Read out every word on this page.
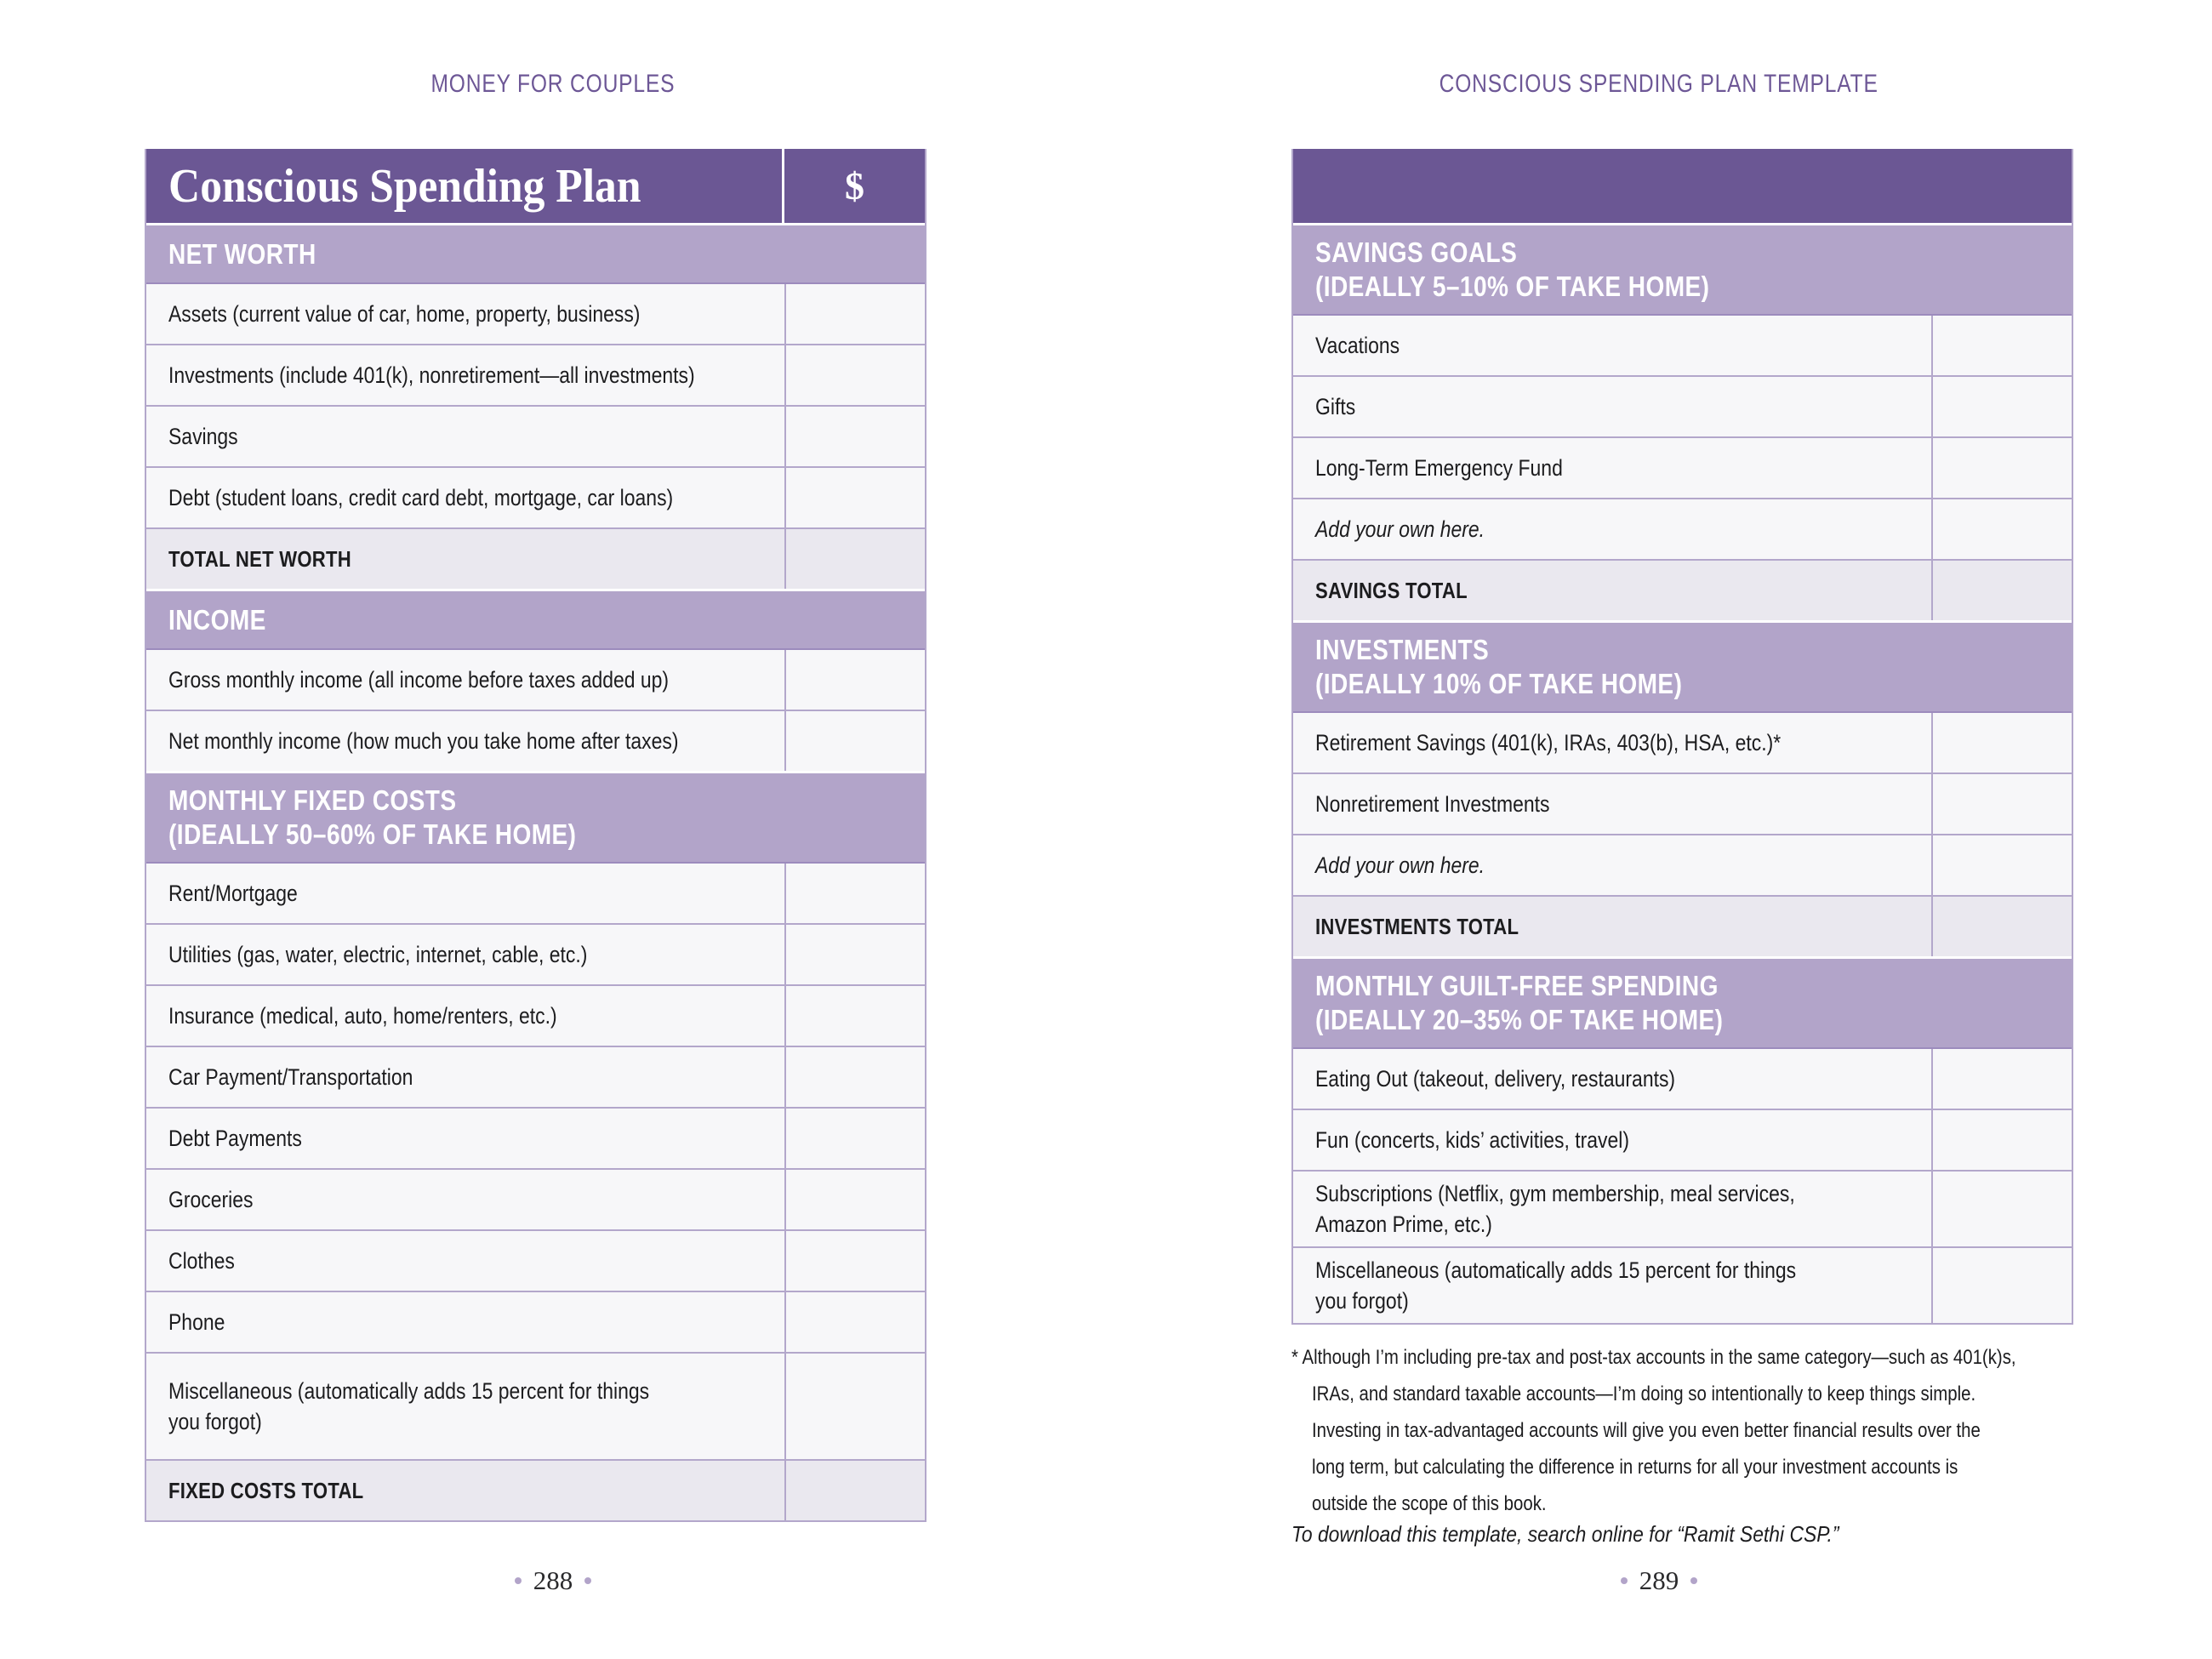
MONEY FOR COUPLES
Conscious Spending Plan	$
NET WORTH
Assets (current value of car, home, property, business)
Investments (include 401(k), nonretirement—all investments)
Savings
Debt (student loans, credit card debt, mortgage, car loans)
TOTAL NET WORTH
INCOME
Gross monthly income (all income before taxes added up)
Net monthly income (how much you take home after taxes)
MONTHLY FIXED COSTS
(IDEALLY 50–60% OF TAKE HOME)
Rent/Mortgage
Utilities (gas, water, electric, internet, cable, etc.)
Insurance (medical, auto, home/renters, etc.)
Car Payment/Transportation
Debt Payments
Groceries
Clothes
Phone
Miscellaneous (automatically adds 15 percent for things
you forgot)
FIXED COSTS TOTAL
288
CONSCIOUS SPENDING PLAN TEMPLATE
SAVINGS GOALS
(IDEALLY 5–10% OF TAKE HOME)
Vacations
Gifts
Long-Term Emergency Fund
Add your own here.
SAVINGS TOTAL
INVESTMENTS
(IDEALLY 10% OF TAKE HOME)
Retirement Savings (401(k), IRAs, 403(b), HSA, etc.)*
Nonretirement Investments
Add your own here.
INVESTMENTS TOTAL
MONTHLY GUILT-FREE SPENDING
(IDEALLY 20–35% OF TAKE HOME)
Eating Out (takeout, delivery, restaurants)
Fun (concerts, kids’ activities, travel)
Subscriptions (Netflix, gym membership, meal services,
Amazon Prime, etc.)
Miscellaneous (automatically adds 15 percent for things
you forgot)
* Although I’m including pre-tax and post-tax accounts in the same category—such as 401(k)s,
IRAs, and standard taxable accounts—I’m doing so intentionally to keep things simple.
Investing in tax-advantaged accounts will give you even better financial results over the
long term, but calculating the difference in returns for all your investment accounts is
outside the scope of this book.
To download this template, search online for “Ramit Sethi CSP.”
289
